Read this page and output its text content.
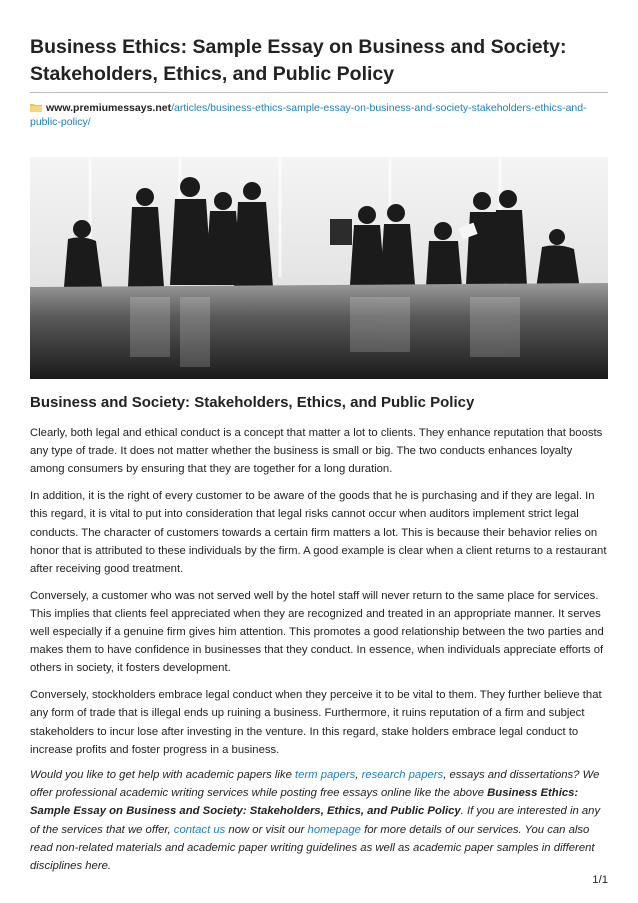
Business Ethics: Sample Essay on Business and Society: Stakeholders, Ethics, and Public Policy
www.premiumessays.net/articles/business-ethics-sample-essay-on-business-and-society-stakeholders-ethics-and-public-policy/
Business and Society: Stakeholders, Ethics, and Public Policy

Clearly, both legal and ethical conduct is a concept that matter a lot to clients. They enhance reputation that boosts any type of trade. It does not matter whether the business is small or big. The two conducts enhances loyalty among consumers by ensuring that they are together for a long duration.

In addition, it is the right of every customer to be aware of the goods that he is purchasing and if they are legal. In this regard, it is vital to put into consideration that legal risks cannot occur when auditors implement strict legal conducts. The character of customers towards a certain firm matters a lot. This is because their behavior relies on honor that is attributed to these individuals by the firm. A good example is clear when a client returns to a restaurant after receiving good treatment.

Conversely, a customer who was not served well by the hotel staff will never return to the same place for services. This implies that clients feel appreciated when they are recognized and treated in an appropriate manner. It serves well especially if a genuine firm gives him attention. This promotes a good relationship between the two parties and makes them to have confidence in businesses that they conduct. In essence, when individuals appreciate efforts of others in society, it fosters development.

Conversely, stockholders embrace legal conduct when they perceive it to be vital to them. They further believe that any form of trade that is illegal ends up ruining a business. Furthermore, it ruins reputation of a firm and subject stakeholders to incur lose after investing in the venture. In this regard, stake holders embrace legal conduct to increase profits and foster progress in a business.

Would you like to get help with academic papers like term papers, research papers, essays and dissertations? We offer professional academic writing services while posting free essays online like the above Business Ethics: Sample Essay on Business and Society: Stakeholders, Ethics, and Public Policy. If you are interested in any of the services that we offer, contact us now or visit our homepage for more details of our services. You can also read non-related materials and academic paper writing guidelines as well as academic paper samples in different disciplines here.
1/1
